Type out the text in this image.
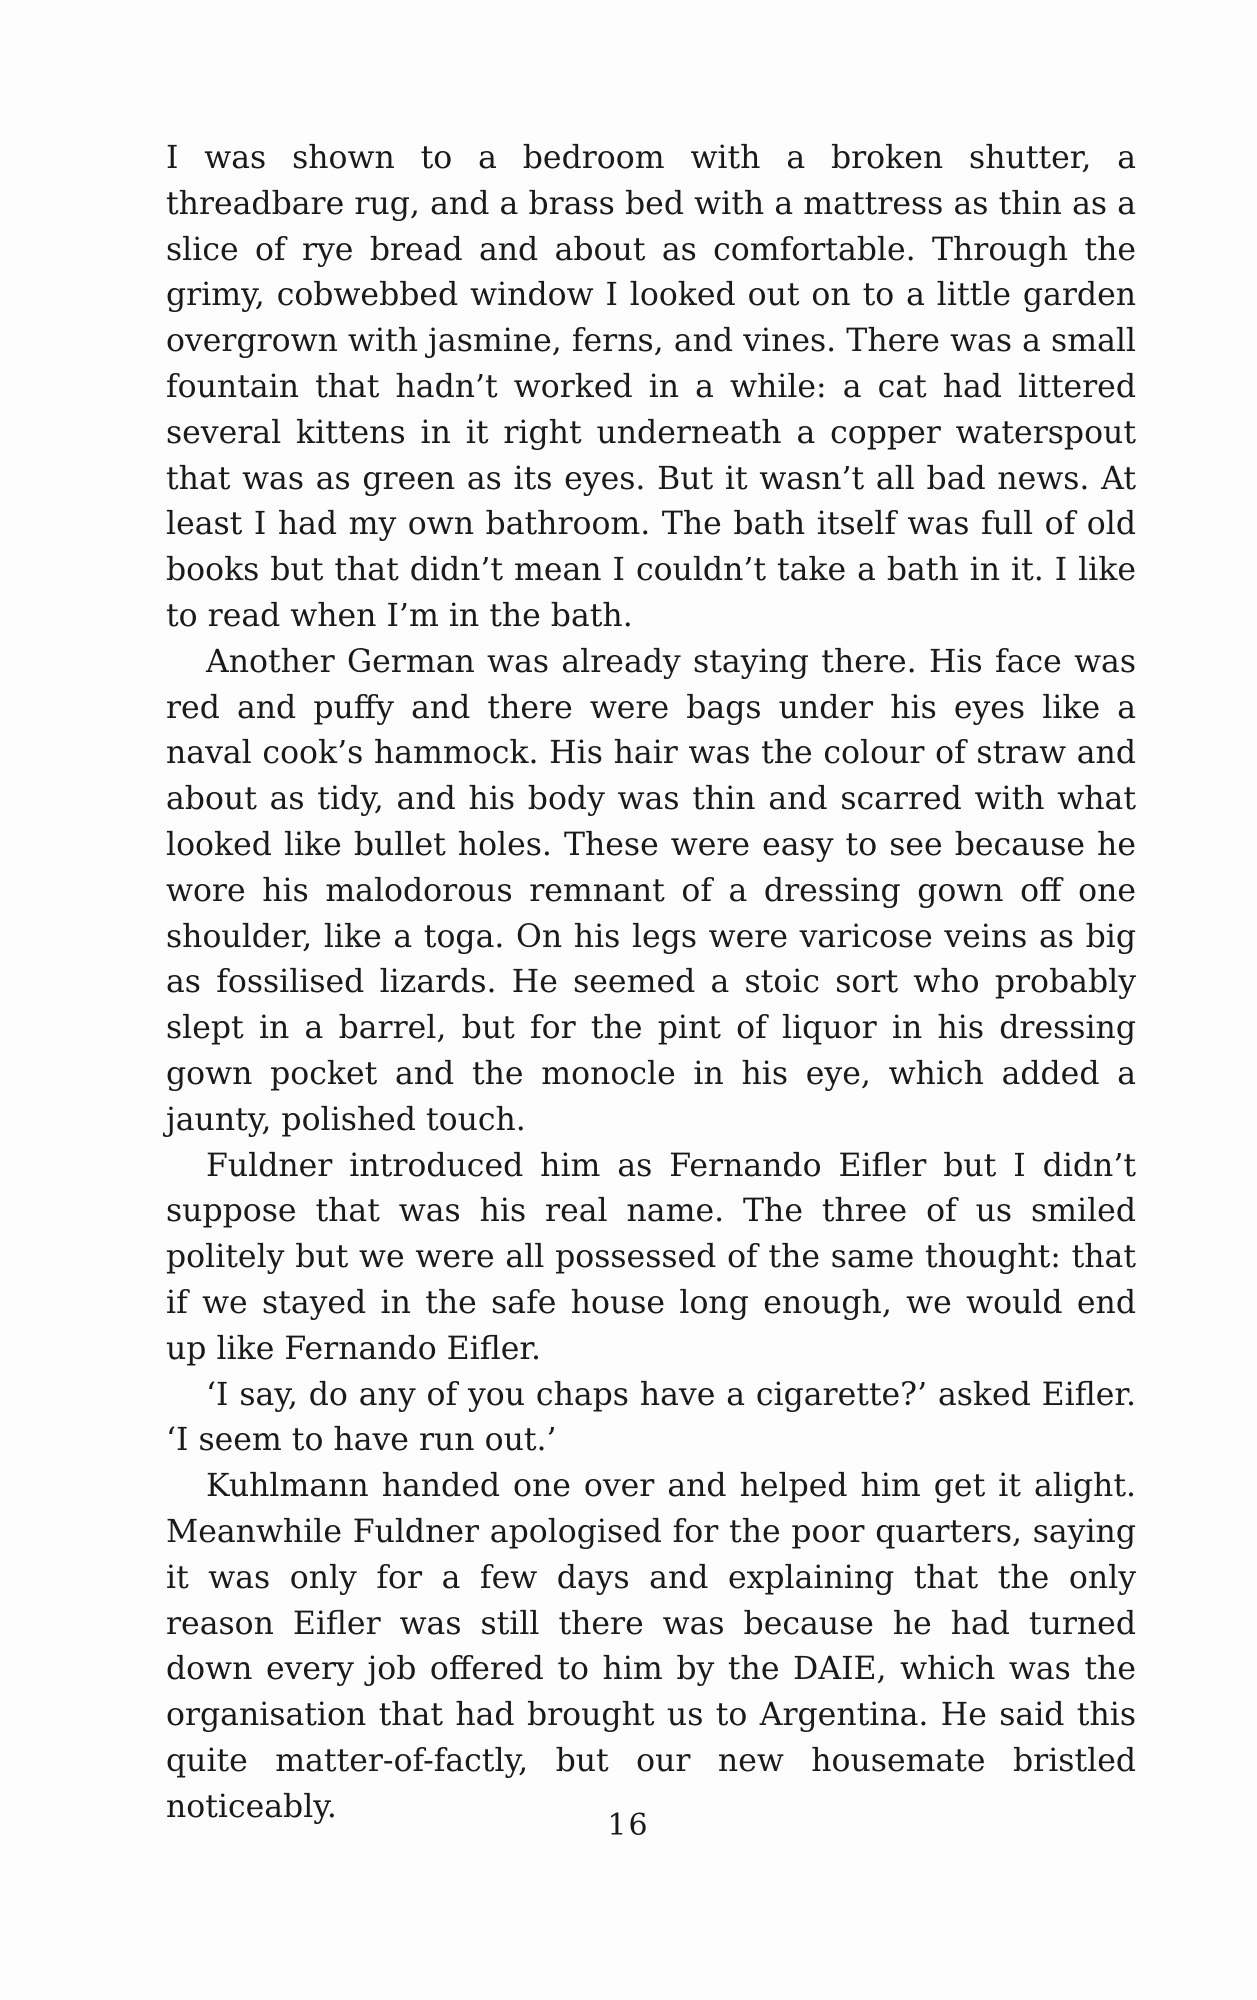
I was shown to a bedroom with a broken shutter, a threadbare rug, and a brass bed with a mattress as thin as a slice of rye bread and about as comfortable. Through the grimy, cobwebbed window I looked out on to a little garden overgrown with jasmine, ferns, and vines. There was a small fountain that hadn’t worked in a while: a cat had littered several kittens in it right underneath a copper waterspout that was as green as its eyes. But it wasn’t all bad news. At least I had my own bathroom. The bath itself was full of old books but that didn’t mean I couldn’t take a bath in it. I like to read when I’m in the bath.

Another German was already staying there. His face was red and puffy and there were bags under his eyes like a naval cook’s hammock. His hair was the colour of straw and about as tidy, and his body was thin and scarred with what looked like bullet holes. These were easy to see because he wore his malodorous remnant of a dressing gown off one shoulder, like a toga. On his legs were varicose veins as big as fossilised lizards. He seemed a stoic sort who probably slept in a barrel, but for the pint of liquor in his dressing gown pocket and the monocle in his eye, which added a jaunty, polished touch.

Fuldner introduced him as Fernando Eifler but I didn’t suppose that was his real name. The three of us smiled politely but we were all possessed of the same thought: that if we stayed in the safe house long enough, we would end up like Fernando Eifler.

‘I say, do any of you chaps have a cigarette?’ asked Eifler. ‘I seem to have run out.’

Kuhlmann handed one over and helped him get it alight. Meanwhile Fuldner apologised for the poor quarters, saying it was only for a few days and explaining that the only reason Eifler was still there was because he had turned down every job offered to him by the DAIE, which was the organisation that had brought us to Argentina. He said this quite matter-of-factly, but our new housemate bristled noticeably.

16
